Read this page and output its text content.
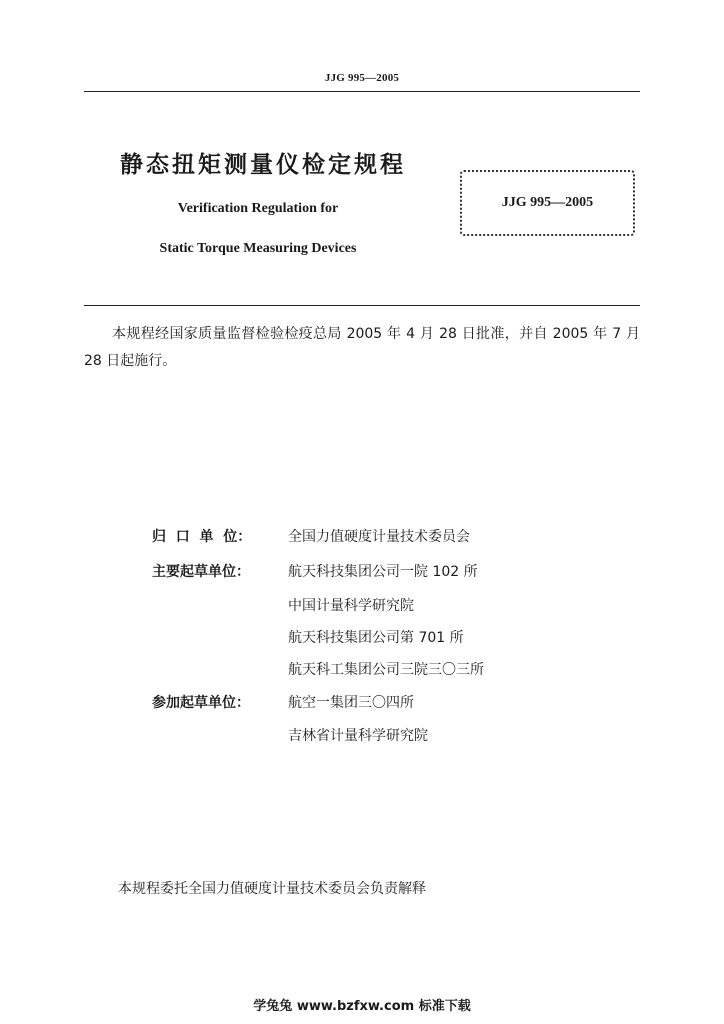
JJG 995—2005
静态扭矩测量仪检定规程
Verification Regulation for
Static Torque Measuring Devices
JJG 995—2005
本规程经国家质量监督检验检疫总局 2005 年 4 月 28 日批准，并自 2005 年 7 月 28 日起施行。
归  口  单  位：	全国力值硬度计量技术委员会
主要起草单位：	航天科技集团公司一院 102 所
中国计量科学研究院
航天科技集团公司第 701 所
航天科工集团公司三院三〇三所
参加起草单位：	航空一集团三〇四所
吉林省计量科学研究院
本规程委托全国力值硬度计量技术委员会负责解释
学兔兔 www.bzfxw.com 标准下载
